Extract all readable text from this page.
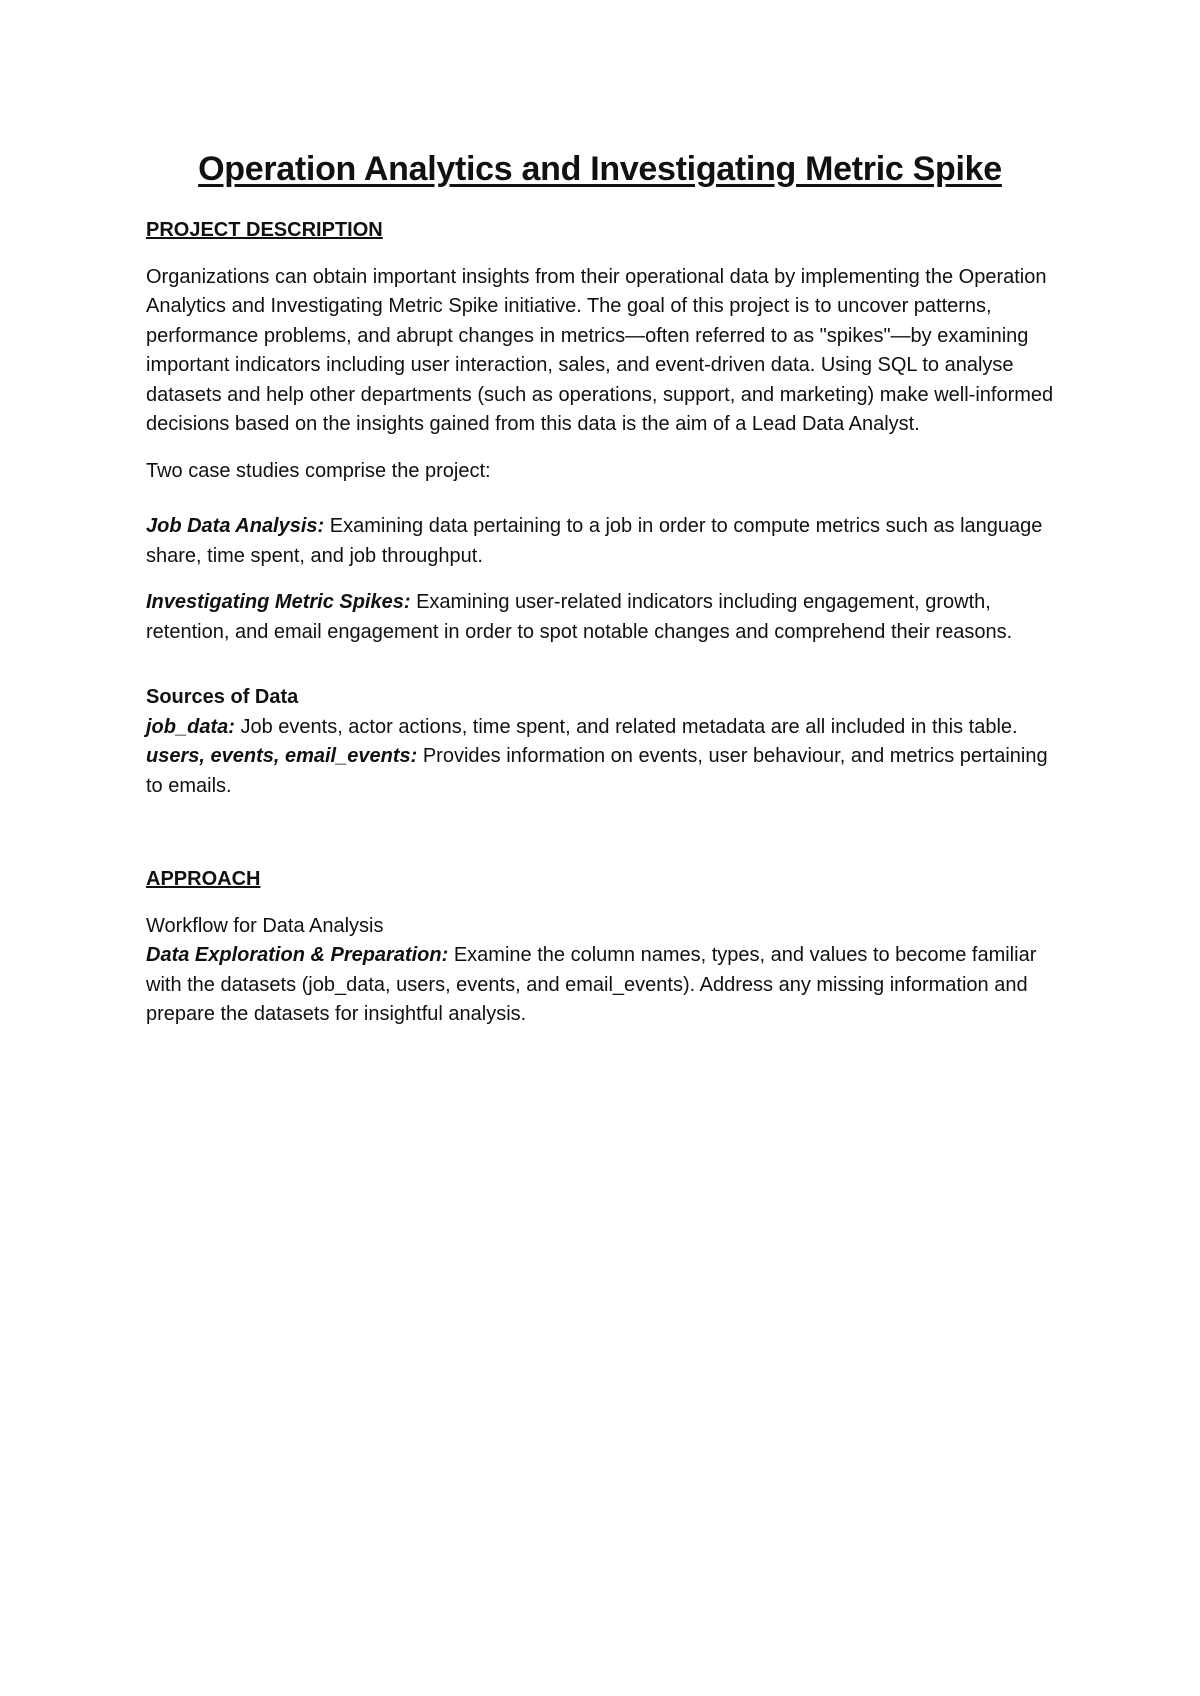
Operation Analytics and Investigating Metric Spike

PROJECT DESCRIPTION

Organizations can obtain important insights from their operational data by implementing the Operation Analytics and Investigating Metric Spike initiative. The goal of this project is to uncover patterns, performance problems, and abrupt changes in metrics—often referred to as "spikes"—by examining important indicators including user interaction, sales, and event-driven data. Using SQL to analyse datasets and help other departments (such as operations, support, and marketing) make well-informed decisions based on the insights gained from this data is the aim of a Lead Data Analyst.

Two case studies comprise the project:

Job Data Analysis: Examining data pertaining to a job in order to compute metrics such as language share, time spent, and job throughput.

Investigating Metric Spikes: Examining user-related indicators including engagement, growth, retention, and email engagement in order to spot notable changes and comprehend their reasons.

Sources of Data

job_data: Job events, actor actions, time spent, and related metadata are all included in this table.

users, events, email_events: Provides information on events, user behaviour, and metrics pertaining to emails.

APPROACH

Workflow for Data Analysis

Data Exploration & Preparation: Examine the column names, types, and values to become familiar with the datasets (job_data, users, events, and email_events). Address any missing information and prepare the datasets for insightful analysis.
